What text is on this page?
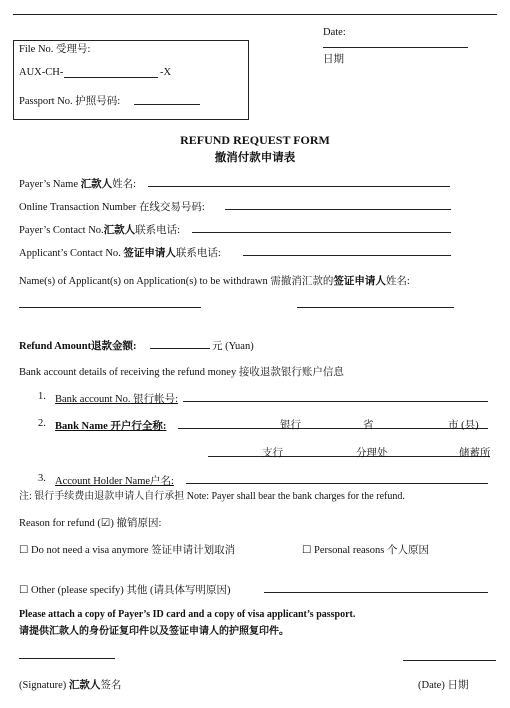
File No. 受理号:
AUX-CH-	-X
Passport No. 护照号码:
Date:
日期
REFUND REQUEST FORM
撤消付款申请表
Payer’s Name 汇款人姓名:
Online Transaction Number 在线交易号码:
Payer’s Contact No.汇款人联系电话:
Applicant’s Contact No. 签证申请人联系电话:
Name(s) of Applicant(s) on Application(s) to be withdrawn 需撤消汇款的签证申请人姓名:
Refund Amount退款金额:	元 (Yuan)
Bank account details of receiving the refund money 接收退款银行账户信息
1. Bank account No. 银行帐号:
2. Bank Name 开户行全称:	银行	省	市 (县)
支行	分理处	储蓄所
3. Account Holder Name户名:
注: 银行手续费由退款申请人自行承担 Note: Payer shall bear the bank charges for the refund.
Reason for refund (☑) 撤销原因:
☐ Do not need a visa anymore 签证申请计划取消	☐ Personal reasons 个人原因
☐ Other (please specify) 其他 (请具体写明原因)
Please attach a copy of Payer’s ID card and a copy of visa applicant’s passport.
请提供汇款人的身份证复印件以及签证申请人的护照复印件。
(Signature) 汇款人签名	(Date) 日期
